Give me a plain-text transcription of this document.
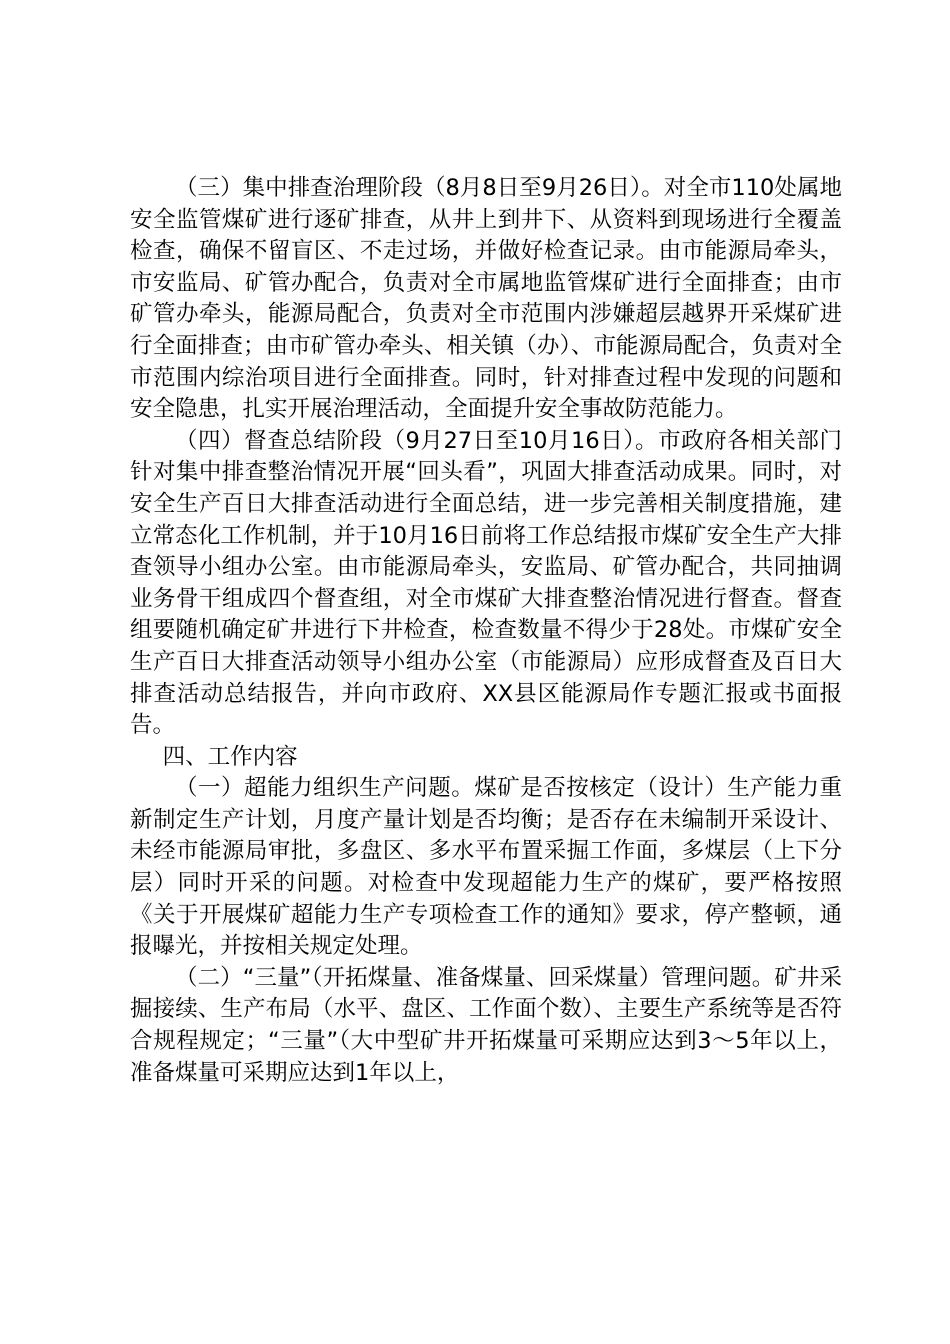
（三）集中排查治理阶段（8月8日至9月26日）。对全市110处属地安全监管煤矿进行逐矿排查，从井上到井下、从资料到现场进行全覆盖检查，确保不留盲区、不走过场，并做好检查记录。由市能源局牵头，市安监局、矿管办配合，负责对全市属地监管煤矿进行全面排查；由市矿管办牵头，能源局配合，负责对全市范围内涉嫌超层越界开采煤矿进行全面排查；由市矿管办牵头、相关镇（办）、市能源局配合，负责对全市范围内综治项目进行全面排查。同时，针对排查过程中发现的问题和安全隐患，扎实开展治理活动，全面提升安全事故防范能力。

（四）督查总结阶段（9月27日至10月16日）。市政府各相关部门针对集中排查整治情况开展“回头看”，巩固大排查活动成果。同时，对安全生产百日大排查活动进行全面总结，进一步完善相关制度措施，建立常态化工作机制，并于10月16日前将工作总结报市煤矿安全生产大排查领导小组办公室。由市能源局牵头，安监局、矿管办配合，共同抽调业务骨干组成四个督查组，对全市煤矿大排查整治情况进行督查。督查组要随机确定矿井进行下井检查，检查数量不得少于28处。市煤矿安全生产百日大排查活动领导小组办公室（市能源局）应形成督查及百日大排查活动总结报告，并向市政府、XX县区能源局作专题汇报或书面报告。

四、工作内容

（一）超能力组织生产问题。煤矿是否按核定（设计）生产能力重新制定生产计划，月度产量计划是否均衡；是否存在未编制开采设计、未经市能源局审批，多盘区、多水平布置采掘工作面，多煤层（上下分层）同时开采的问题。对检查中发现超能力生产的煤矿，要严格按照《关于开展煤矿超能力生产专项检查工作的通知》要求，停产整顿，通报曝光，并按相关规定处理。

（二）“三量”（开拓煤量、准备煤量、回采煤量）管理问题。矿井采掘接续、生产布局（水平、盘区、工作面个数）、主要生产系统等是否符合规程规定；“三量”（大中型矿井开拓煤量可采期应达到3～5年以上，准备煤量可采期应达到1年以上，
